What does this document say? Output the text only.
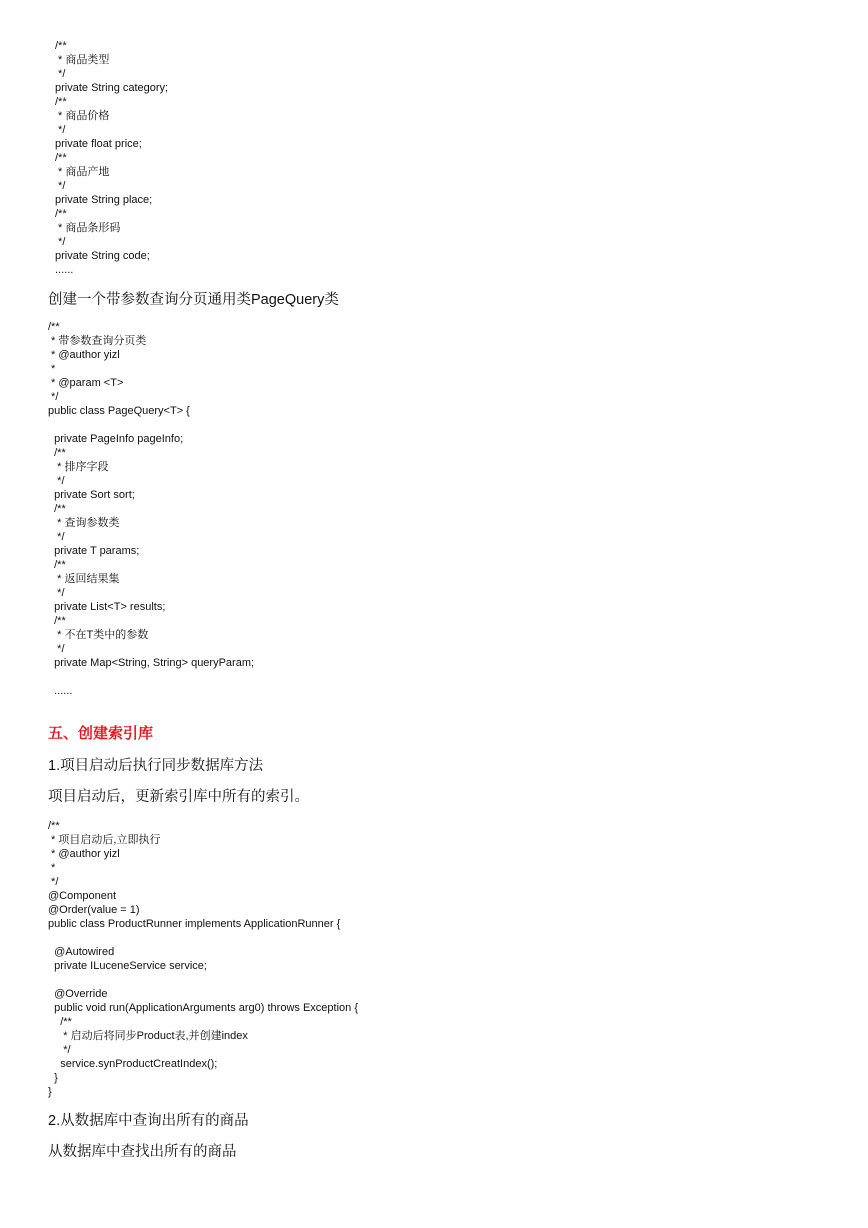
/**
* 商品类型
*/
private String category;
/**
* 商品价格
*/
private float price;
/**
* 商品产地
*/
private String place;
/**
* 商品条形码
*/
private String code;
......
创建一个带参数查询分页通用类PageQuery类
/**
* 带参数查询分页类
* @author yizl
*
* @param <T>
*/
public class PageQuery<T> {
private PageInfo pageInfo;
/**
* 排序字段
*/
private Sort sort;
/**
* 查询参数类
*/
private T params;
/**
* 返回结果集
*/
private List<T> results;
/**
* 不在T类中的参数
*/
private Map<String, String> queryParam;
......
五、创建索引库
1.项目启动后执行同步数据库方法
项目启动后，更新索引库中所有的索引。
/**
* 项目启动后,立即执行
* @author yizl
*
*/
@Component
@Order(value = 1)
public class ProductRunner implements ApplicationRunner {
@Autowired
private ILuceneService service;
@Override
public void run(ApplicationArguments arg0) throws Exception {
/**
* 启动后将同步Product表,并创建index
*/
service.synProductCreatIndex();
}
}
2.从数据库中查询出所有的商品
从数据库中查找出所有的商品
